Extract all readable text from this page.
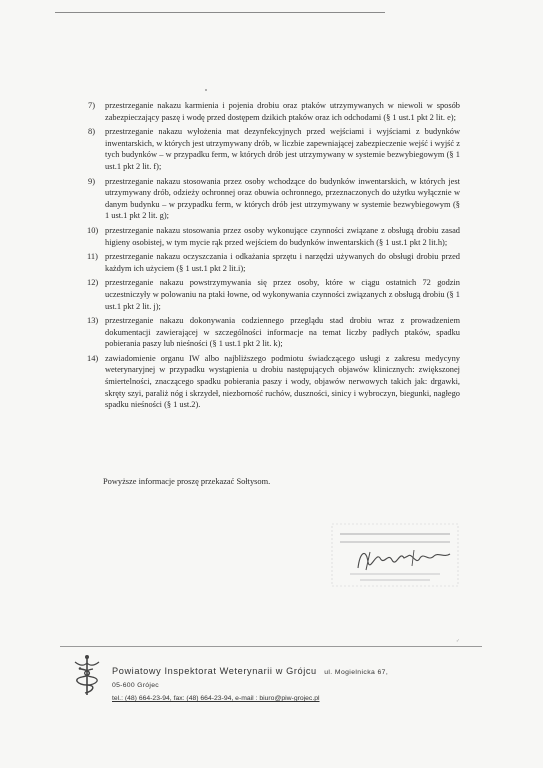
7)	przestrzeganie nakazu karmienia i pojenia drobiu oraz ptaków utrzymywanych w niewoli w sposób zabezpieczający paszę i wodę przed dostępem dzikich ptaków oraz ich odchodami (§ 1 ust.1 pkt 2 lit. e);
8)	przestrzeganie nakazu wyłożenia mat dezynfekcyjnych przed wejściami i wyjściami z budynków inwentarskich, w których jest utrzymywany drób, w liczbie zapewniającej zabezpieczenie wejść i wyjść z tych budynków – w przypadku ferm, w których drób jest utrzymywany w systemie bezwybiegowym (§ 1 ust.1 pkt 2 lit. f);
9)	przestrzeganie nakazu stosowania przez osoby wchodzące do budynków inwentarskich, w których jest utrzymywany drób, odzieży ochronnej oraz obuwia ochronnego, przeznaczonych do użytku wyłącznie w danym budynku – w przypadku ferm, w których drób jest utrzymywany w systemie bezwybiegowym (§ 1 ust.1 pkt 2 lit. g);
10) przestrzeganie nakazu stosowania przez osoby wykonujące czynności związane z obsługą drobiu zasad higieny osobistej, w tym mycie rąk przed wejściem do budynków inwentarskich (§ 1 ust.1 pkt 2 lit.h);
11) przestrzeganie nakazu oczyszczania i odkażania sprzętu i narzędzi używanych do obsługi drobiu przed każdym ich użyciem (§ 1 ust.1 pkt 2 lit.i);
12) przestrzeganie nakazu powstrzymywania się przez osoby, które w ciągu ostatnich 72 godzin uczestniczyły w polowaniu na ptaki łowne, od wykonywania czynności związanych z obsługą drobiu (§ 1 ust.1 pkt 2 lit. j);
13) przestrzeganie nakazu dokonywania codziennego przeglądu stad drobiu wraz z prowadzeniem dokumentacji zawierającej w szczególności informacje na temat liczby padłych ptaków, spadku pobierania paszy lub nieśności (§ 1 ust.1 pkt 2 lit. k);
14) zawiadomienie organu IW albo najbliższego podmiotu świadczącego usługi z zakresu medycyny weterynaryjnej w przypadku wystąpienia u drobiu następujących objawów klinicznych: zwiększonej śmiertelności, znaczącego spadku pobierania paszy i wody, objawów nerwowych takich jak: drgawki, skręty szyi, paraliż nóg i skrzydeł, niezborność ruchów, duszności, sinicy i wybroczyn, biegunki, nagłego spadku nieśności (§ 1 ust.2).
Powyższe informacje proszę przekazać Sołtysom.
✓
Powiatowy Inspektorat Weterynarii w Grójcu ul. Mogielnicka 67,
05-600 Grójec
tel.: (48) 664-23-94, fax: (48) 664-23-94, e-mail : biuro@piw-grojec.pl
